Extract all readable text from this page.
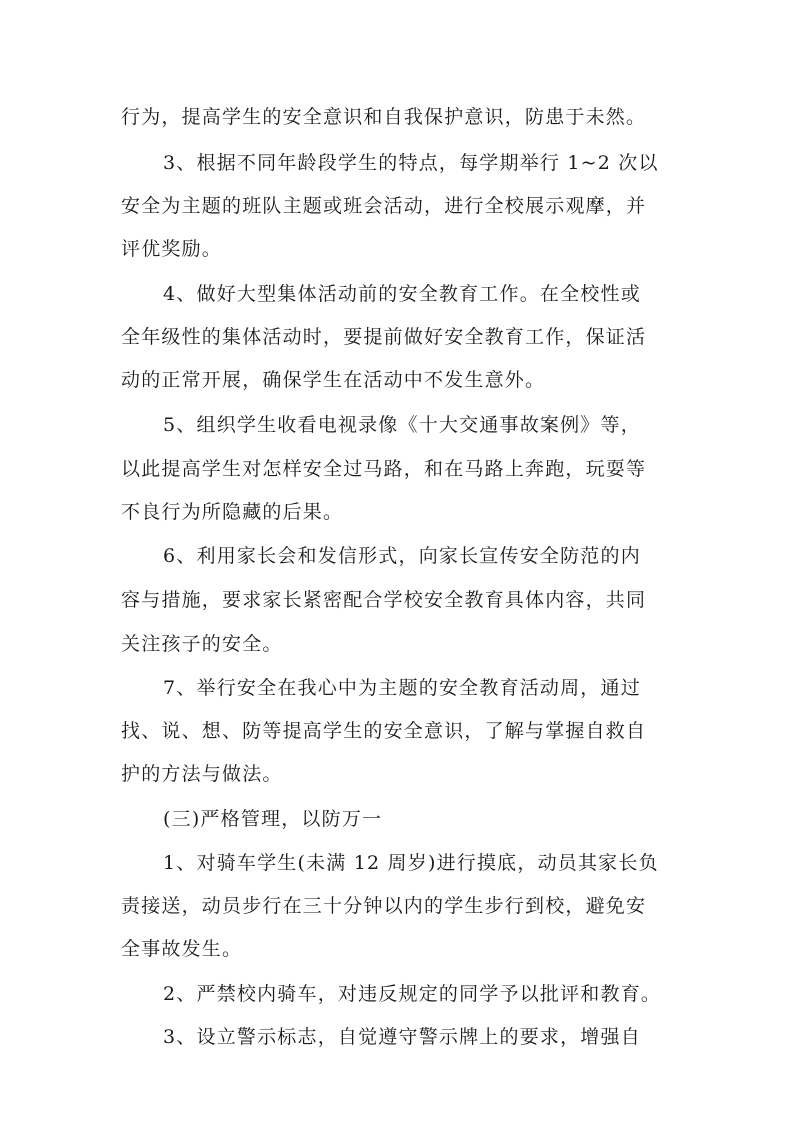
行为，提高学生的安全意识和自我保护意识，防患于未然。
3、根据不同年龄段学生的特点，每学期举行 1~2 次以
安全为主题的班队主题或班会活动，进行全校展示观摩，并
评优奖励。
4、做好大型集体活动前的安全教育工作。在全校性或
全年级性的集体活动时，要提前做好安全教育工作，保证活
动的正常开展，确保学生在活动中不发生意外。
5、组织学生收看电视录像《十大交通事故案例》等，
以此提高学生对怎样安全过马路，和在马路上奔跑，玩耍等
不良行为所隐藏的后果。
6、利用家长会和发信形式，向家长宣传安全防范的内
容与措施，要求家长紧密配合学校安全教育具体内容，共同
关注孩子的安全。
7、举行安全在我心中为主题的安全教育活动周，通过
找、说、想、防等提高学生的安全意识，了解与掌握自救自
护的方法与做法。
(三)严格管理，以防万一
1、对骑车学生(未满 12 周岁)进行摸底，动员其家长负
责接送，动员步行在三十分钟以内的学生步行到校，避免安
全事故发生。
2、严禁校内骑车，对违反规定的同学予以批评和教育。
3、设立警示标志，自觉遵守警示牌上的要求，增强自
